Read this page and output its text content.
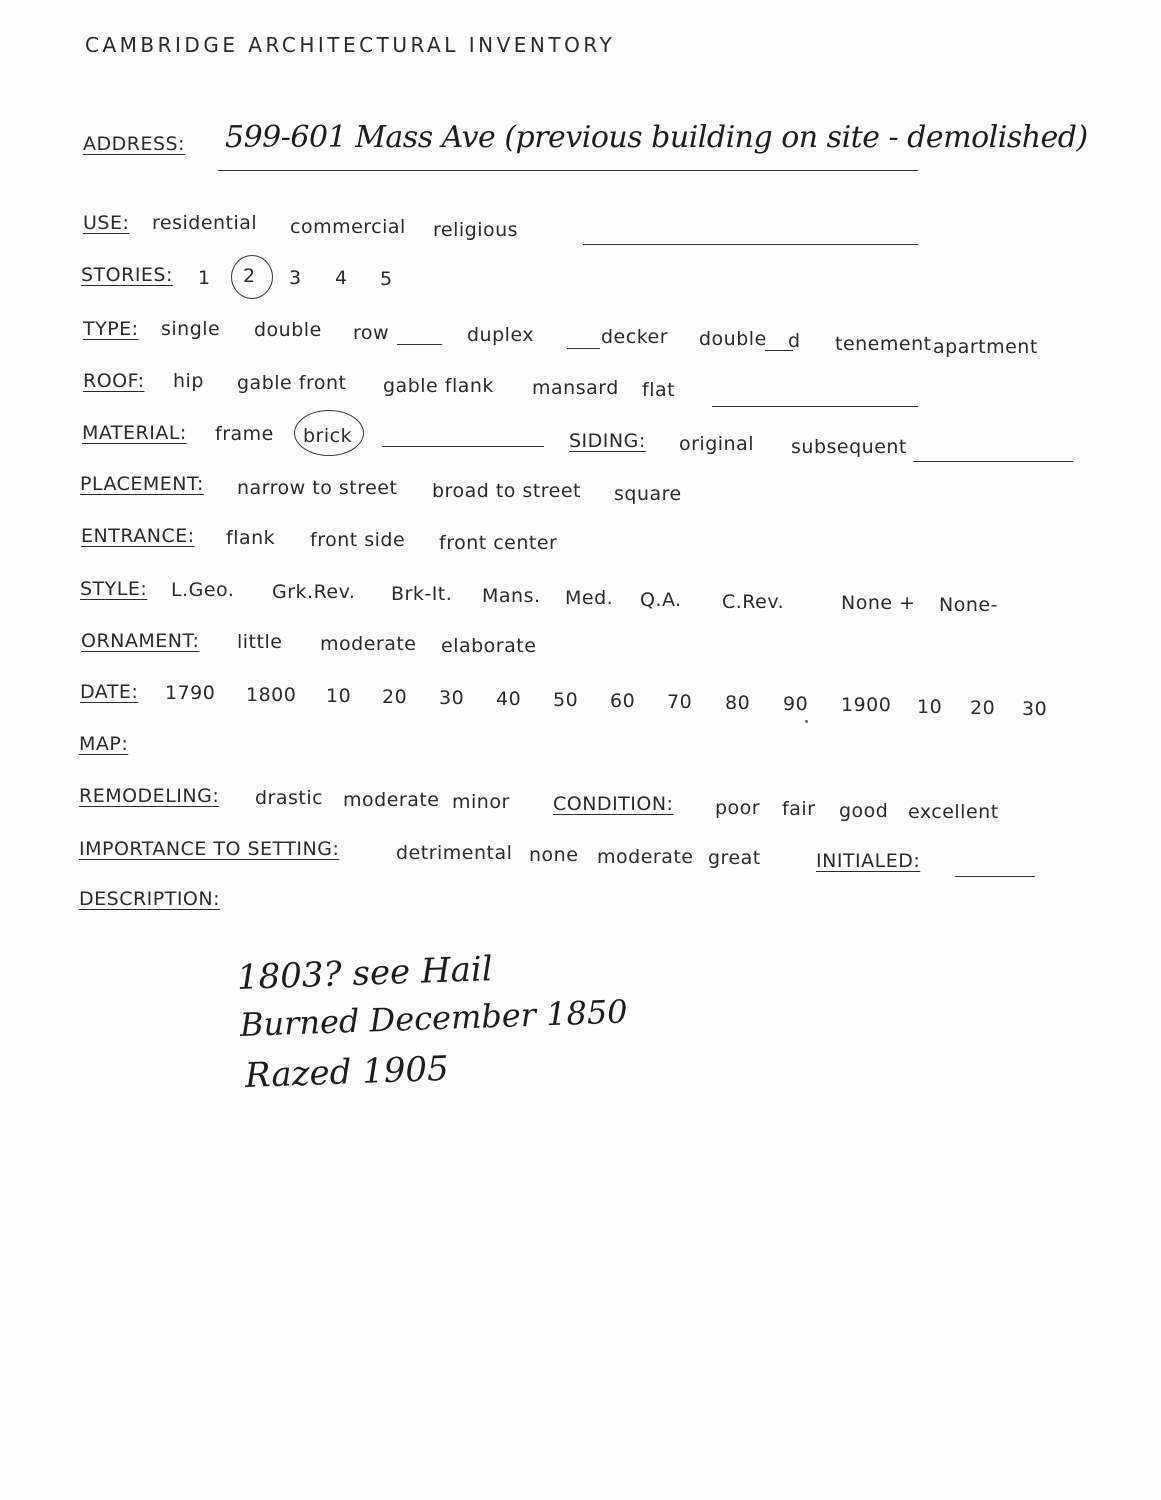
CAMBRIDGE ARCHITECTURAL INVENTORY
ADDRESS: 599-601 Mass Ave (previous building on site - demolished)
USE: residential commercial religious
STORIES: 1 2 3 4 5
TYPE: single double row	duplex	decker double d tenement apartment
ROOF: hip gable front gable flank mansard flat
MATERIAL: frame brick	SIDING: original subsequent
PLACEMENT: narrow to street broad to street square
ENTRANCE: flank front side front center
STYLE: L.Geo. Grk.Rev. Brk-It. Mans. Med. Q.A. C.Rev.	None + None-
ORNAMENT: little moderate elaborate
DATE: 1790 1800 10 20 30 40 50 60 70 80 90 1900 10 20 30
MAP:
REMODELING: drastic moderate minor CONDITION: poor fair good excellent
IMPORTANCE TO SETTING:	detrimental none moderate great	INITIALED:
DESCRIPTION:
1803? see Hail
Burned December 1850
Razed 1905
